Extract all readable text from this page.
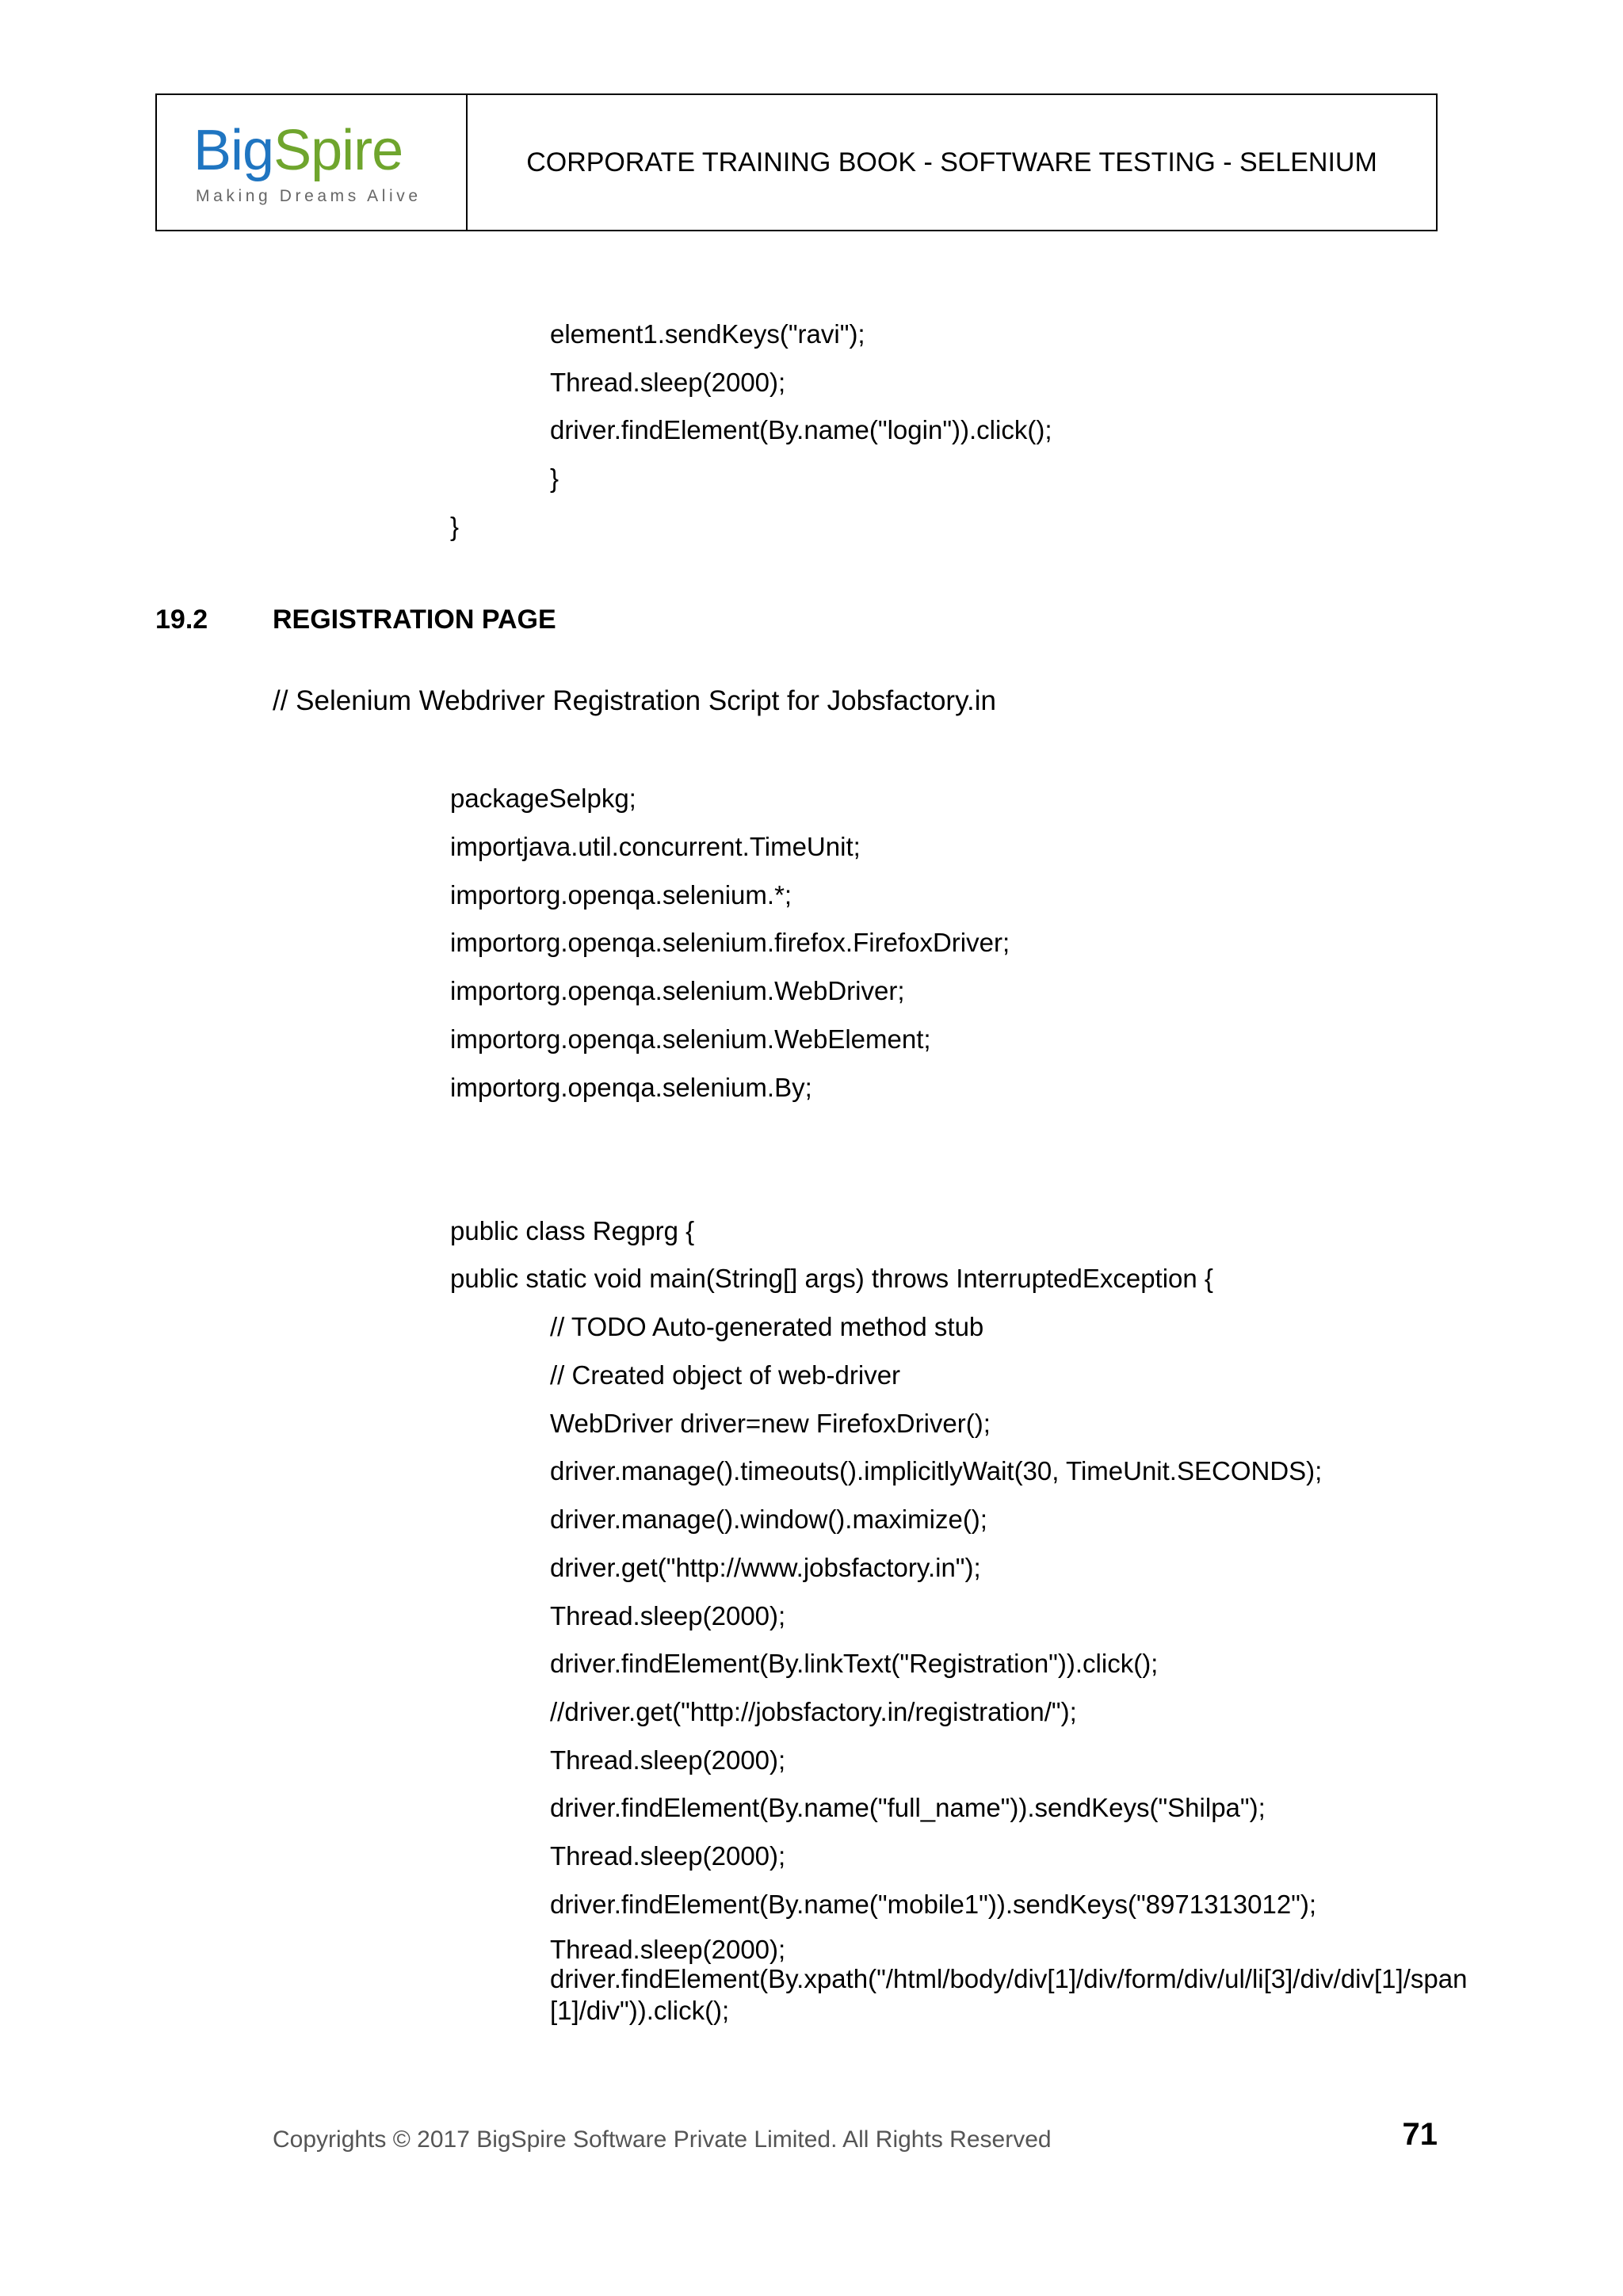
BigSpire
Making Dreams Alive
CORPORATE TRAINING BOOK - SOFTWARE TESTING - SELENIUM
element1.sendKeys("ravi");
Thread.sleep(2000);
driver.findElement(By.name("login")).click();
}
}
19.2 REGISTRATION PAGE
// Selenium Webdriver Registration Script for Jobsfactory.in
packageSelpkg;
importjava.util.concurrent.TimeUnit;
importorg.openqa.selenium.*;
importorg.openqa.selenium.firefox.FirefoxDriver;
importorg.openqa.selenium.WebDriver;
importorg.openqa.selenium.WebElement;
importorg.openqa.selenium.By;
public class Regprg {
public static void main(String[] args) throws InterruptedException {
// TODO Auto-generated method stub
// Created object of web-driver
WebDriver driver=new FirefoxDriver();
driver.manage().timeouts().implicitlyWait(30, TimeUnit.SECONDS);
driver.manage().window().maximize();
driver.get("http://www.jobsfactory.in");
Thread.sleep(2000);
driver.findElement(By.linkText("Registration")).click();
//driver.get("http://jobsfactory.in/registration/");
Thread.sleep(2000);
driver.findElement(By.name("full_name")).sendKeys("Shilpa");
Thread.sleep(2000);
driver.findElement(By.name("mobile1")).sendKeys("8971313012");
Thread.sleep(2000);
driver.findElement(By.xpath("/html/body/div[1]/div/form/div/ul/li[3]/div/div[1]/span[1]/div")).click();
Copyrights © 2017 BigSpire Software Private Limited. All Rights Reserved	71
